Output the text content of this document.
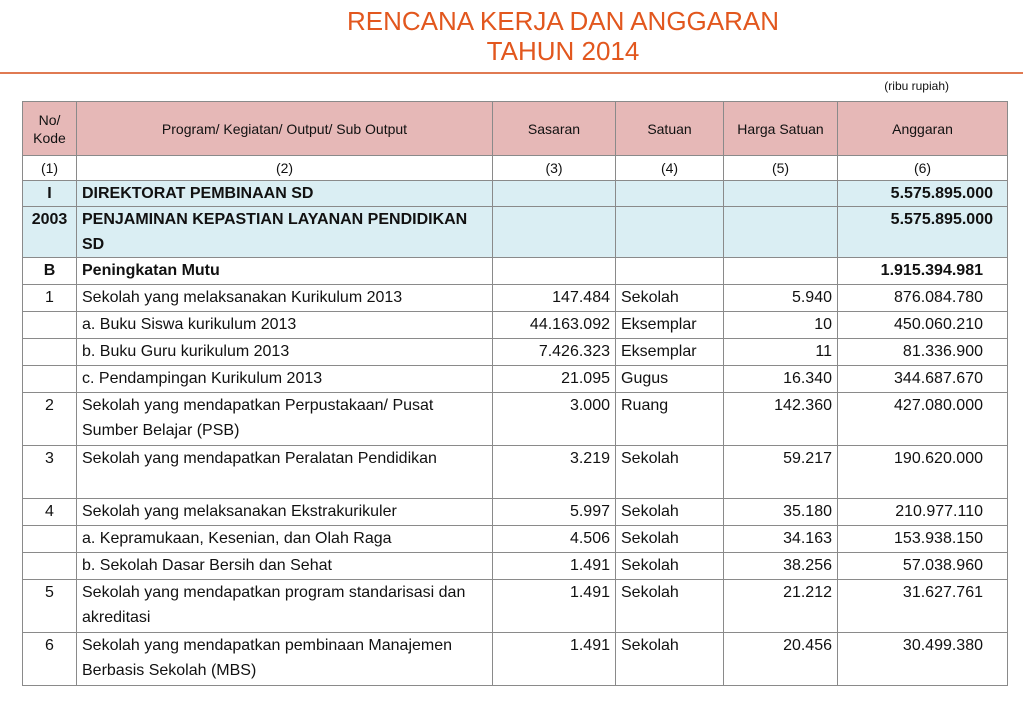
RENCANA KERJA DAN ANGGARAN
TAHUN 2014
(ribu rupiah)
No/ Kode	Program/ Kegiatan/ Output/ Sub Output	Sasaran	Satuan	Harga Satuan	Anggaran
(1)	(2)	(3)	(4)	(5)	(6)
I	DIREKTORAT PEMBINAAN SD				5.575.895.000
2003	PENJAMINAN KEPASTIAN LAYANAN PENDIDIKAN SD				5.575.895.000
B	Peningkatan Mutu				1.915.394.981
1	Sekolah yang melaksanakan Kurikulum 2013	147.484	Sekolah	5.940	876.084.780
	a. Buku Siswa kurikulum 2013	44.163.092	Eksemplar	10	450.060.210
	b. Buku Guru kurikulum 2013	7.426.323	Eksemplar	11	81.336.900
	c. Pendampingan Kurikulum 2013	21.095	Gugus	16.340	344.687.670
2	Sekolah yang mendapatkan Perpustakaan/ Pusat Sumber Belajar (PSB)	3.000	Ruang	142.360	427.080.000
3	Sekolah yang mendapatkan Peralatan Pendidikan	3.219	Sekolah	59.217	190.620.000
4	Sekolah yang melaksanakan Ekstrakurikuler	5.997	Sekolah	35.180	210.977.110
	a. Kepramukaan, Kesenian, dan Olah Raga	4.506	Sekolah	34.163	153.938.150
	b. Sekolah Dasar Bersih dan Sehat	1.491	Sekolah	38.256	57.038.960
5	Sekolah yang mendapatkan program standarisasi dan akreditasi	1.491	Sekolah	21.212	31.627.761
6	Sekolah yang mendapatkan pembinaan Manajemen Berbasis Sekolah (MBS)	1.491	Sekolah	20.456	30.499.380
